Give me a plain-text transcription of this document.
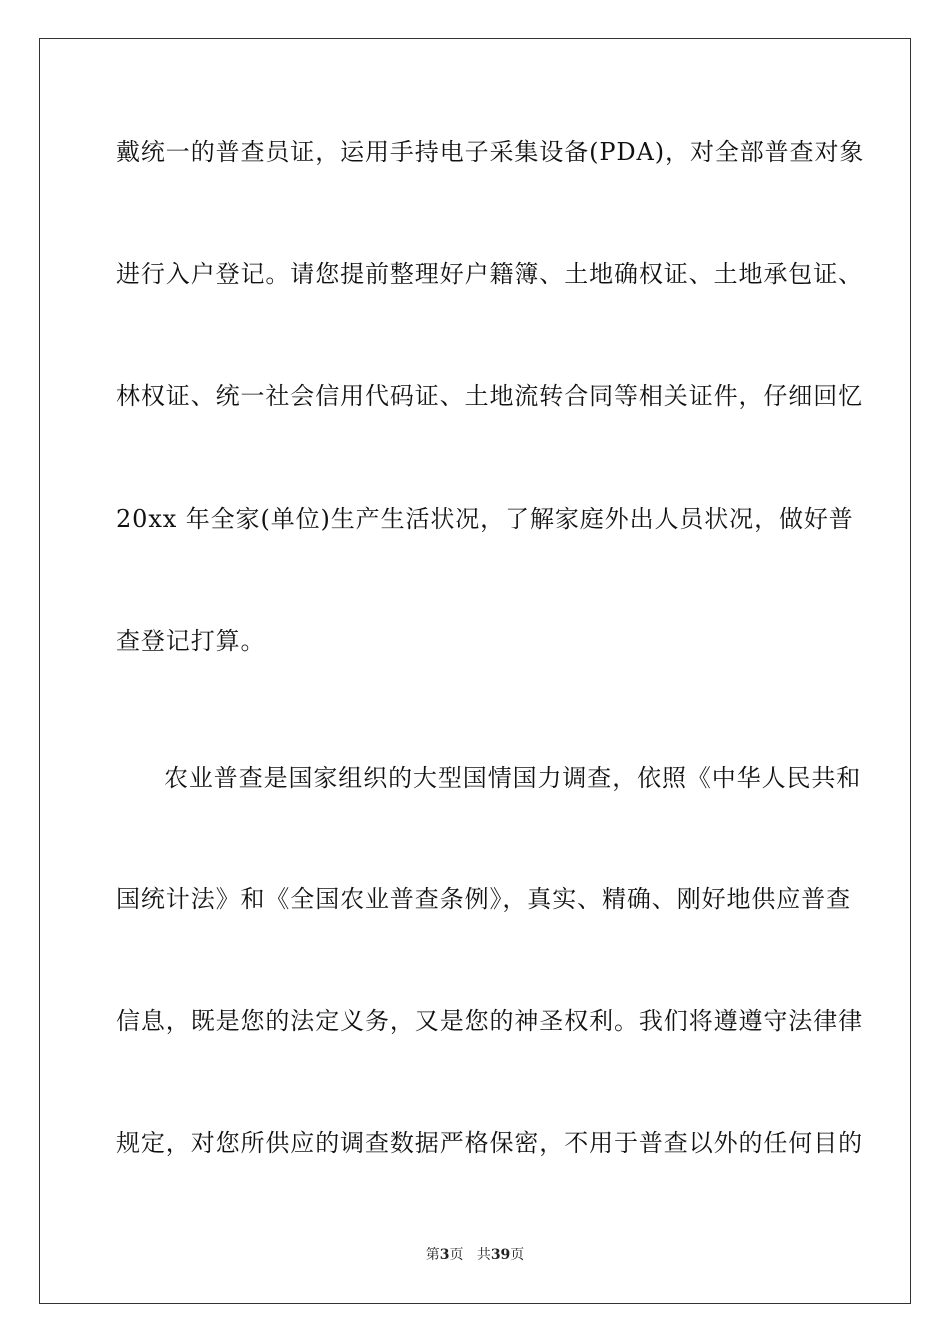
戴统一的普查员证，运用手持电子采集设备(PDA)，对全部普查对象
进行入户登记。请您提前整理好户籍簿、土地确权证、土地承包证、
林权证、统一社会信用代码证、土地流转合同等相关证件，仔细回忆
20xx 年全家(单位)生产生活状况，了解家庭外出人员状况，做好普
查登记打算。
农业普查是国家组织的大型国情国力调查，依照《中华人民共和
国统计法》和《全国农业普查条例》，真实、精确、刚好地供应普查
信息，既是您的法定义务，又是您的神圣权利。我们将遵遵守法律律
规定，对您所供应的调查数据严格保密，不用于普查以外的任何目的
第3页 共39页
